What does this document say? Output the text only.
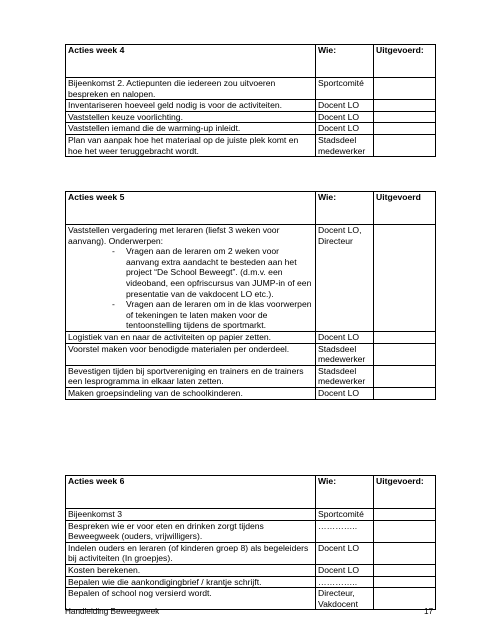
Acties week 4	Wie:	Uitgevoerd:
Bijeenkomst 2. Actiepunten die iedereen zou uitvoeren bespreken en nalopen.	Sportcomité	
Inventariseren hoeveel geld nodig is voor de activiteiten.	Docent LO	
Vaststellen keuze voorlichting.	Docent LO	
Vaststellen iemand die de warming-up inleidt.	Docent LO	
Plan van aanpak hoe het materiaal op de juiste plek komt en hoe het weer teruggebracht wordt.	Stadsdeel medewerker	
Acties week 5	Wie:	Uitgevoerd

Vaststellen vergadering met leraren (liefst 3 weken voor aanvang). Onderwerpen:
- Vragen aan de leraren om 2 weken voor aanvang extra aandacht te besteden aan het project “De School Beweegt”. (d.m.v. een videoband, een opfriscursus van JUMP-in of een presentatie van de vakdocent LO etc.).
- Vragen aan de leraren om in de klas voorwerpen of tekeningen te laten maken voor de tentoonstelling tijdens de sportmarkt.	Docent LO, Directeur	
Logistiek van en naar de activiteiten op papier zetten.	Docent LO	
Voorstel maken voor benodigde materialen per onderdeel.	Stadsdeel medewerker	
Bevestigen tijden bij sportvereniging en trainers en de trainers een lesprogramma in elkaar laten zetten.	Stadsdeel medewerker	
Maken groepsindeling van de schoolkinderen.	Docent LO	
Acties week 6	Wie:	Uitgevoerd:
Bijeenkomst 3	Sportcomité	
Bespreken wie er voor eten en drinken zorgt tijdens Beweegweek (ouders, vrijwilligers).	…………..	
Indelen ouders en leraren (of kinderen groep 8) als begeleiders bij activiteiten (In groepjes).	Docent LO	
Kosten berekenen.	Docent LO	
Bepalen wie die aankondigingbrief / krantje schrijft.	…………..	
Bepalen of school nog versierd wordt.	Directeur, Vakdocent	
Handleiding Beweegweek	17
